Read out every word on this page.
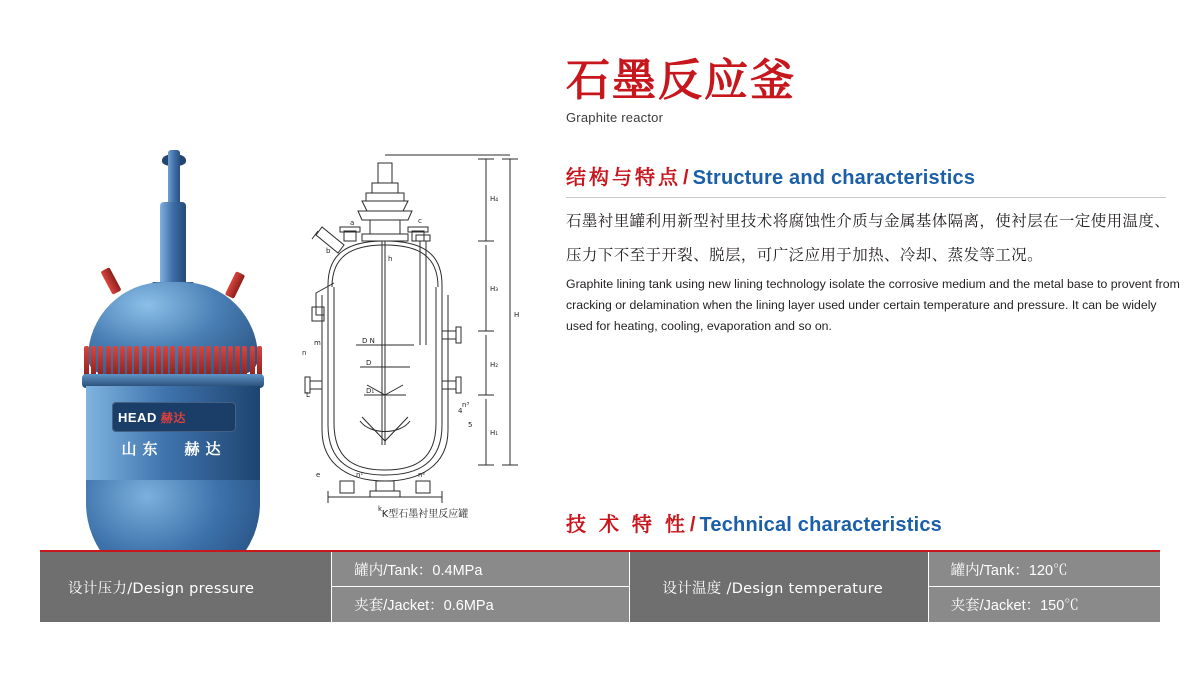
石墨反应釜
Graphite reactor
HEAD 赫达
山东　赫达
a
b
c
h
D N
D
D₁
L
m
n
e
k
n¹	n²
n³
H₄
H₃
H₂
H₁
H
4
5
K型石墨衬里反应罐
结构与特点 / Structure and characteristics
石墨衬里罐利用新型衬里技术将腐蚀性介质与金属基体隔离，使衬层在一定使用温度、压力下不至于开裂、脱层，可广泛应用于加热、冷却、蒸发等工况。
Graphite lining tank using new lining technology isolate the corrosive medium and the metal base to provent from cracking or delamination when the lining layer used under certain temperature and pressure. It can be widely used for heating, cooling, evaporation and so on.
技 术 特 性 / Technical characteristics
设计压力/Design pressure
罐内/Tank：0.4MPa
夹套/Jacket：0.6MPa
设计温度 /Design temperature
罐内/Tank：120℃
夹套/Jacket：150℃
